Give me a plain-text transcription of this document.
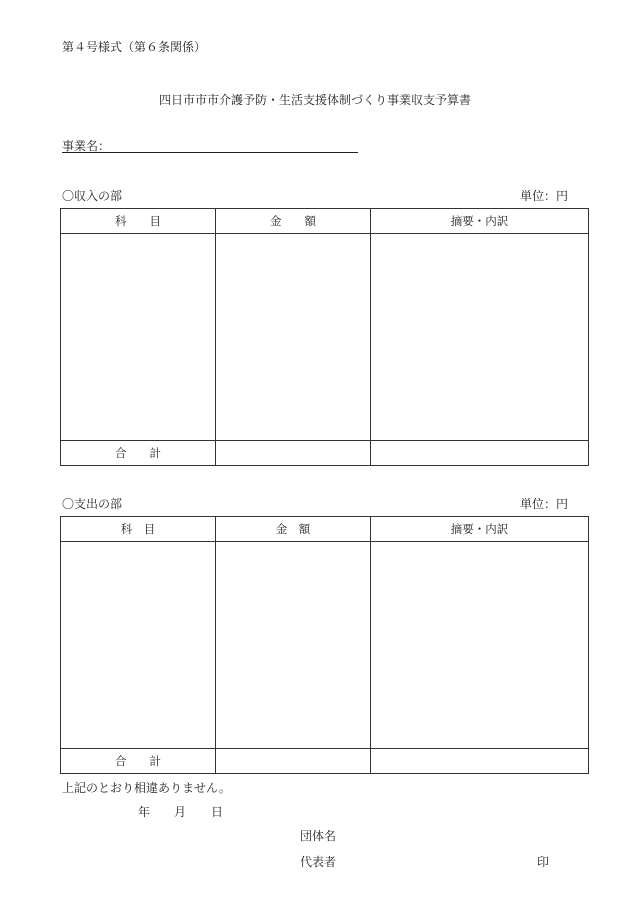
第４号様式（第６条関係）
四日市市市介護予防・生活支援体制づくり事業収支予算書
事業名：
〇収入の部	単位：円
科　　目	金　　額	摘要・内訳

合　　計		
〇支出の部	単位：円
科　目	金　額	摘要・内訳

合　　計		
上記のとおり相違ありません。
年 月 日
団体名
代表者	印
